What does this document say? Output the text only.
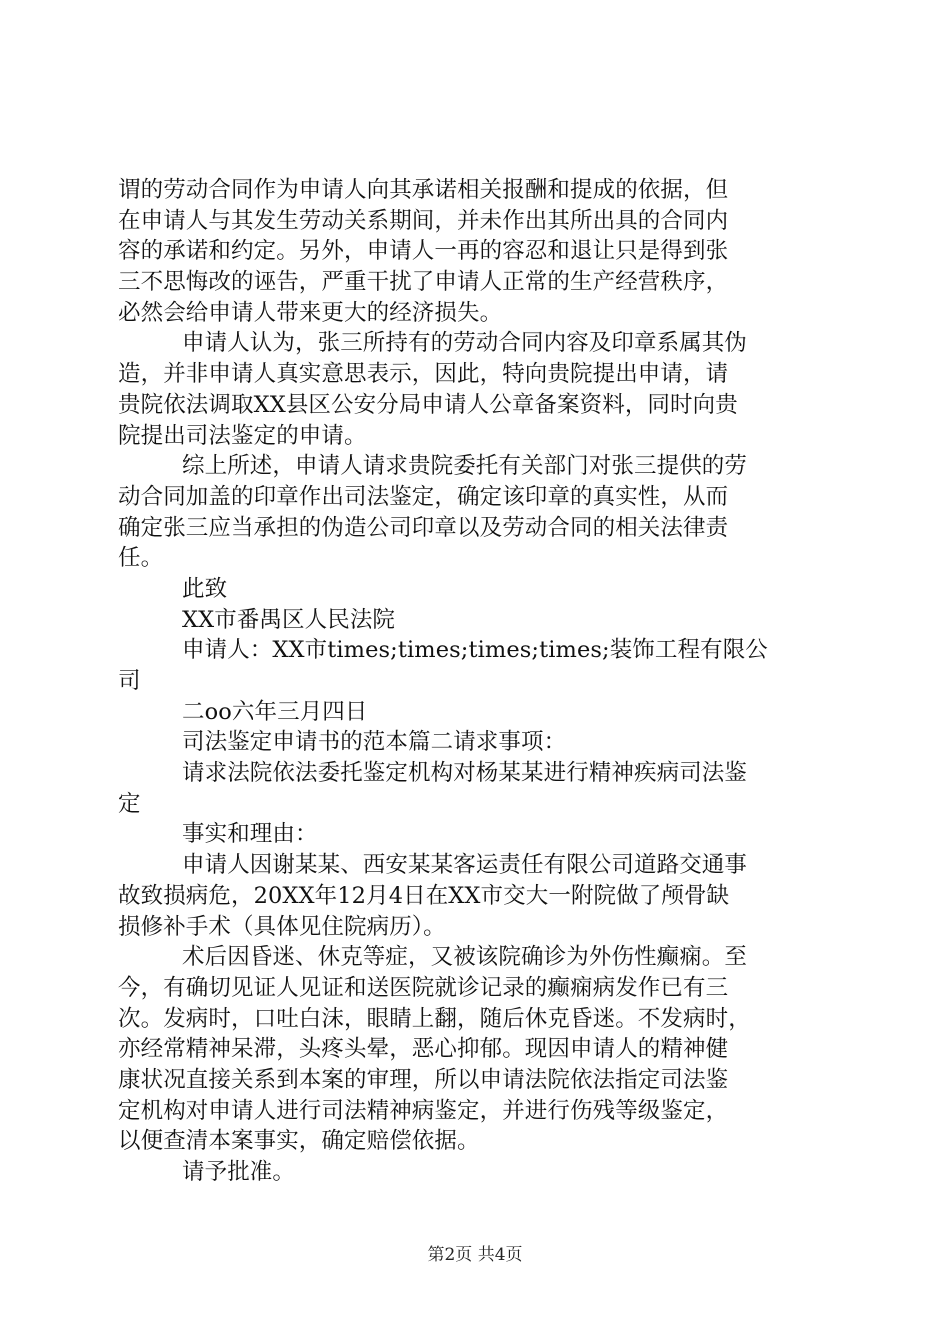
谓的劳动合同作为申请人向其承诺相关报酬和提成的依据，但
在申请人与其发生劳动关系期间，并未作出其所出具的合同内
容的承诺和约定。另外，申请人一再的容忍和退让只是得到张
三不思悔改的诬告，严重干扰了申请人正常的生产经营秩序，
必然会给申请人带来更大的经济损失。
申请人认为，张三所持有的劳动合同内容及印章系属其伪
造，并非申请人真实意思表示，因此，特向贵院提出申请，请
贵院依法调取XX县区公安分局申请人公章备案资料，同时向贵
院提出司法鉴定的申请。
综上所述，申请人请求贵院委托有关部门对张三提供的劳
动合同加盖的印章作出司法鉴定，确定该印章的真实性，从而
确定张三应当承担的伪造公司印章以及劳动合同的相关法律责
任。
此致
XX市番禺区人民法院
申请人：XX市times;times;times;times;装饰工程有限公
司
二oo六年三月四日
司法鉴定申请书的范本篇二请求事项：
请求法院依法委托鉴定机构对杨某某进行精神疾病司法鉴
定
事实和理由：
申请人因谢某某、西安某某客运责任有限公司道路交通事
故致损病危，20XX年12月4日在XX市交大一附院做了颅骨缺
损修补手术（具体见住院病历）。
术后因昏迷、休克等症，又被该院确诊为外伤性癫痫。至
今，有确切见证人见证和送医院就诊记录的癫痫病发作已有三
次。发病时，口吐白沫，眼睛上翻，随后休克昏迷。不发病时，
亦经常精神呆滞，头疼头晕，恶心抑郁。现因申请人的精神健
康状况直接关系到本案的审理，所以申请法院依法指定司法鉴
定机构对申请人进行司法精神病鉴定，并进行伤残等级鉴定，
以便查清本案事实，确定赔偿依据。
请予批准。
第2页 共4页
